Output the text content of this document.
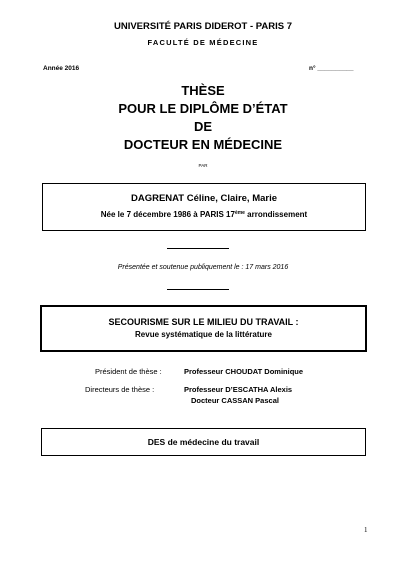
UNIVERSITÉ PARIS DIDEROT - PARIS 7
FACULTÉ DE MÉDECINE
Année 2016	n° __________
THÈSE
POUR LE DIPLÔME D’ÉTAT
DE
DOCTEUR EN MÉDECINE
PAR
DAGRENAT Céline, Claire, Marie
Née le 7 décembre 1986 à PARIS 17ème arrondissement
Présentée et soutenue publiquement le : 17 mars 2016
SECOURISME SUR LE MILIEU DU TRAVAIL :
Revue systématique de la littérature
Président de thèse :	Professeur CHOUDAT Dominique
Directeurs de thèse :	Professeur D’ESCATHA Alexis
Docteur CASSAN Pascal
DES de médecine du travail
1
